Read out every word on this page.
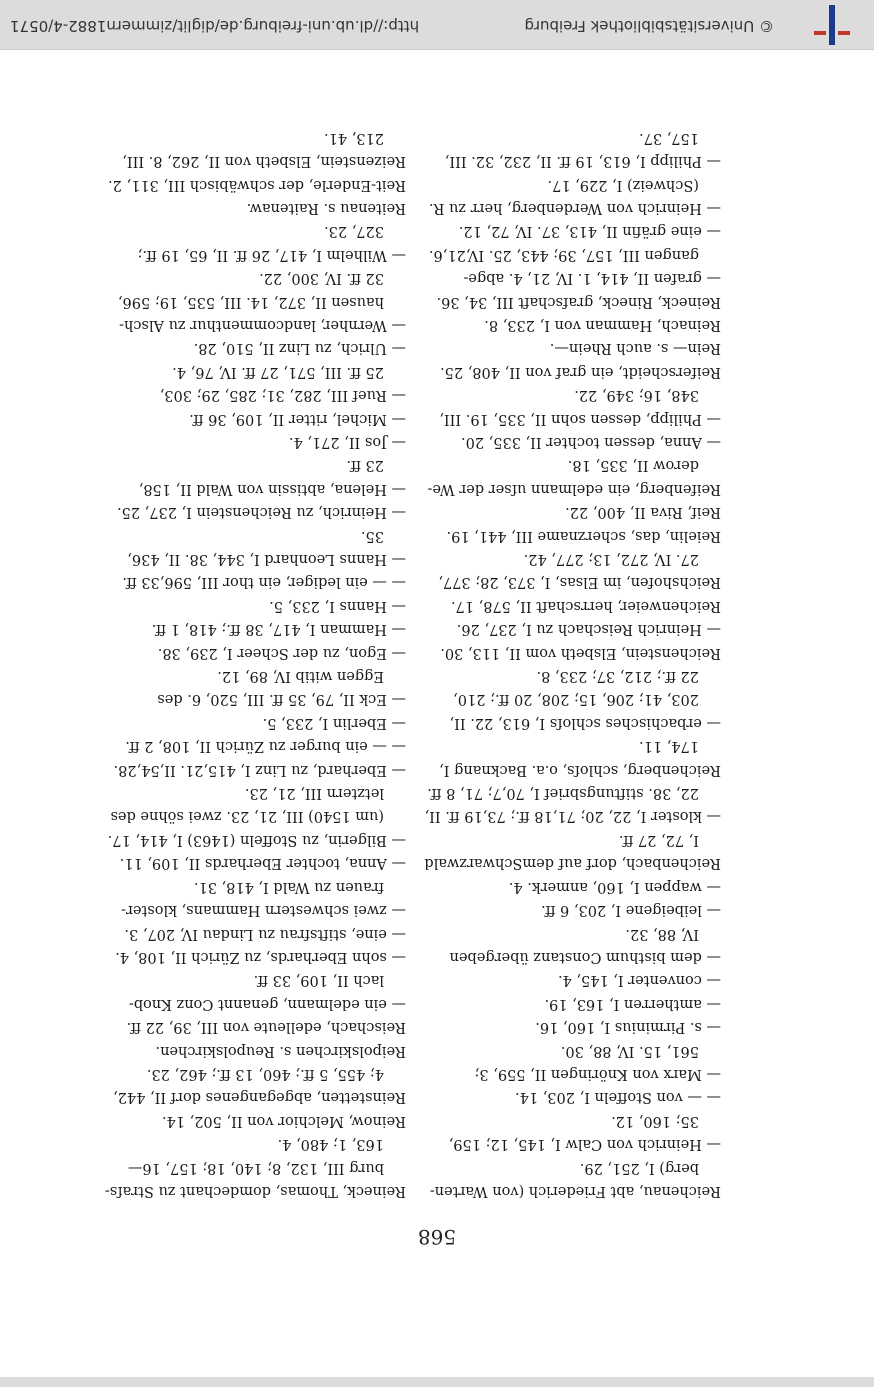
568
Reichenau, abt Friederich (von Warten-
berg) I, 251, 29.
— Heinrich von Calw I, 145, 12; 159,
35; 160, 12.
— — von Stoffeln I, 203, 14.
— Marx von Knöringen II, 559, 3;
561, 15. IV, 88, 30.
— s. Pirminius I, 160, 16.
— amtherren I, 163, 19.
— conventer I, 145, 4.
— dem bisthum Constanz übergeben
IV, 88, 32.
— leibeigene I, 203, 6 ff.
— wappen I, 160, anmerk. 4.
Reichenbach, dorf auf demSchwarzwald
I, 72, 27 ff.
— kloster I, 22, 20; 71,18 ff.; 73,19 ff. II,
22, 38. stiftungsbrief I, 70,7; 71, 8 ff.
Reichenberg, schloſs, o.a. Backnang I,
174, 11.
— erbachisches schloſs I, 613, 22. II,
203, 41; 206, 15; 208, 20 ff.; 210,
22 ff.; 212, 37; 233, 8.
Reichenstein, Elsbeth vom II, 113, 30.
— Heinrich Reischach zu I, 237, 26.
Reichenweier, herrschaft II, 578, 17.
Reichshofen, im Elsas, I, 373, 28; 377,
27. IV, 272, 13; 277, 42.
Reielin, das, scherzname III, 441, 19.
Reif, Riva II, 400, 22.
Reifenberg, ein edelmann uſser der We-
derow II, 335, 18.
— Anna, dessen tochter II, 335, 20.
— Philipp, dessen sohn II, 335, 19. III,
348, 16; 349, 22.
Reiferscheidt, ein graf von II, 408, 25.
Rein— s. auch Rhein—.
Reinach, Hamman von I, 233, 8.
Reineck, Rineck, grafschaft III, 34, 36.
— grafen II, 414, 1. IV, 21, 4. abge-
gangen III, 157, 39; 443, 25. IV,21,6.
— eine gräfin II, 413, 37. IV, 72, 12.
— Heinrich von Werdenberg, herr zu R.
(Schweiz) I, 229, 17.
— Philipp I, 613, 19 ff. II, 232, 32. III,
157, 37.
Reineck, Thomas, domdechant zu Straſs-
burg III, 132, 8; 140, 18; 157, 16—
163, 1; 480, 4.
Reinow, Melchior von II, 502, 14.
Reinstetten, abgegangenes dorf II, 442,
4; 455, 5 ff.; 460, 13 ff.; 462, 23.
Reipolskirchen s. Reupolskirchen.
Reischach, edelleute von III, 39, 22 ff.
— ein edelmann, genannt Conz Knob-
lach II, 109, 33 ff.
— sohn Eberhards, zu Zürich II, 108, 4.
— eine, stiftsfrau zu Lindau IV, 207, 3.
— zwei schwestern Hammans, kloster-
frauen zu Wald I, 418, 31.
— Anna, tochter Eberhards II, 109, 11.
— Bilgerin, zu Stoffeln (1463) I, 414, 17.
(um 1540) III, 21, 23. zwei söhne des
letztern III, 21, 23.
— Eberhard, zu Linz I, 415,21. II,54,28.
— — ein burger zu Zürich II, 108, 2 ff.
— Eberlin I, 233, 5.
— Eck II, 79, 35 ff. III, 520, 6. des
Eggen witib IV, 89, 12.
— Egon, zu der Scheer I, 239, 38.
— Hamman I, 417, 38 ff.; 418, 1 ff.
— Hanns I, 233, 5.
— — ein lediger, ein thor III, 596,33 ff.
— Hanns Leonhard I, 344, 38. II, 436,
35.
— Heinrich, zu Reichenstein I, 237, 25.
— Helena, abtissin von Wald II, 158,
23 ff.
— Jos II, 271, 4.
— Michel, ritter II, 109, 36 ff.
— Ruef III, 282, 31; 285, 29; 303,
25 ff. III, 571, 27 ff. IV, 76, 4.
— Ulrich, zu Linz II, 510, 28.
— Wernher, landcommenthur zu Alsch-
hausen II, 372, 14. III, 535, 19; 596,
32 ff. IV, 300, 22.
— Wilhelm I, 417, 26 ff. II, 65, 19 ff.;
327, 23.
Reitenau s. Raitenaw.
Reit-Enderle, der schwäbisch III, 311, 2.
Reizenstein, Elsbeth von II, 262, 8. III,
213, 41.
© Universitätsbibliothek Freiburg
http://dl.ub.uni-freiburg.de/diglit/zimmern1882-4/0571
